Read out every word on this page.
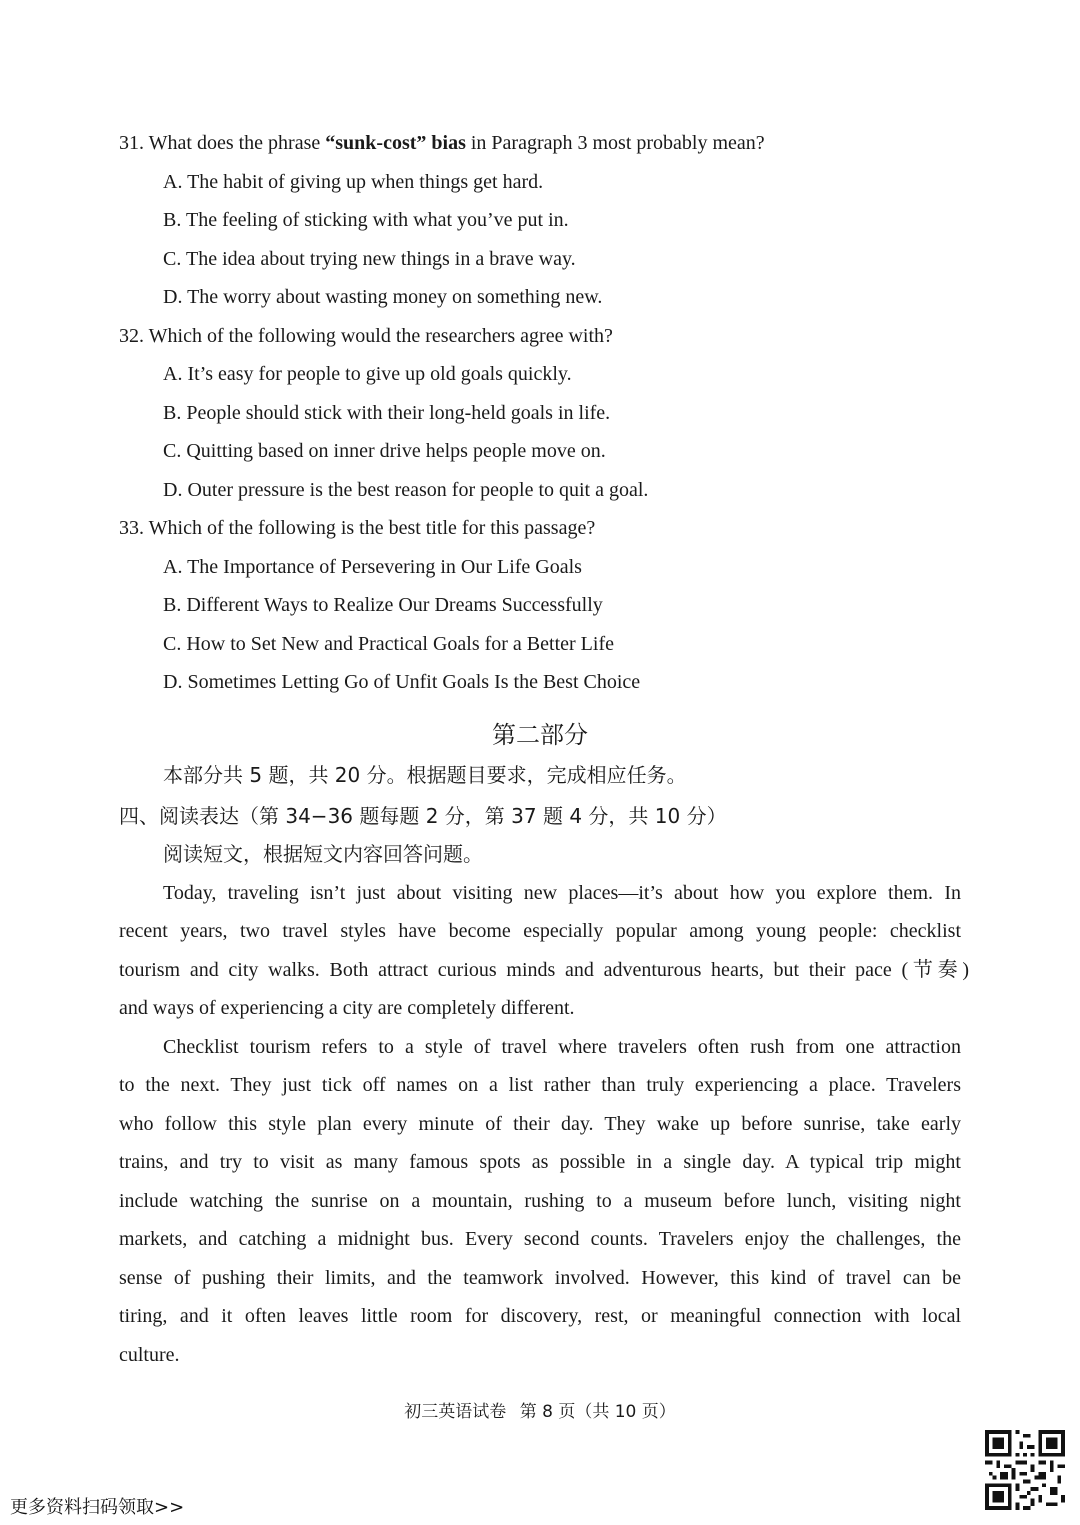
31. What does the phrase “sunk-cost” bias in Paragraph 3 most probably mean?
A. The habit of giving up when things get hard.
B. The feeling of sticking with what you’ve put in.
C. The idea about trying new things in a brave way.
D. The worry about wasting money on something new.
32. Which of the following would the researchers agree with?
A. It’s easy for people to give up old goals quickly.
B. People should stick with their long-held goals in life.
C. Quitting based on inner drive helps people move on.
D. Outer pressure is the best reason for people to quit a goal.
33. Which of the following is the best title for this passage?
A. The Importance of Persevering in Our Life Goals
B. Different Ways to Realize Our Dreams Successfully
C. How to Set New and Practical Goals for a Better Life
D. Sometimes Letting Go of Unfit Goals Is the Best Choice
第二部分
本部分共 5 题，共 20 分。根据题目要求，完成相应任务。
四、阅读表达（第 34−36 题每题 2 分，第 37 题 4 分，共 10 分）
阅读短文，根据短文内容回答问题。
Today, traveling isn’t just about visiting new places—it’s about how you explore them. In
recent years, two travel styles have become especially popular among young people: checklist
tourism and city walks. Both attract curious minds and adventurous hearts, but their pace (节奏)
and ways of experiencing a city are completely different.
Checklist tourism refers to a style of travel where travelers often rush from one attraction
to the next. They just tick off names on a list rather than truly experiencing a place. Travelers
who follow this style plan every minute of their day. They wake up before sunrise, take early
trains, and try to visit as many famous spots as possible in a single day. A typical trip might
include watching the sunrise on a mountain, rushing to a museum before lunch, visiting night
markets, and catching a midnight bus. Every second counts. Travelers enjoy the challenges, the
sense of pushing their limits, and the teamwork involved. However, this kind of travel can be
tiring, and it often leaves little room for discovery, rest, or meaningful connection with local
culture.
初三英语试卷 第 8 页（共 10 页）
更多资料扫码领取>>
